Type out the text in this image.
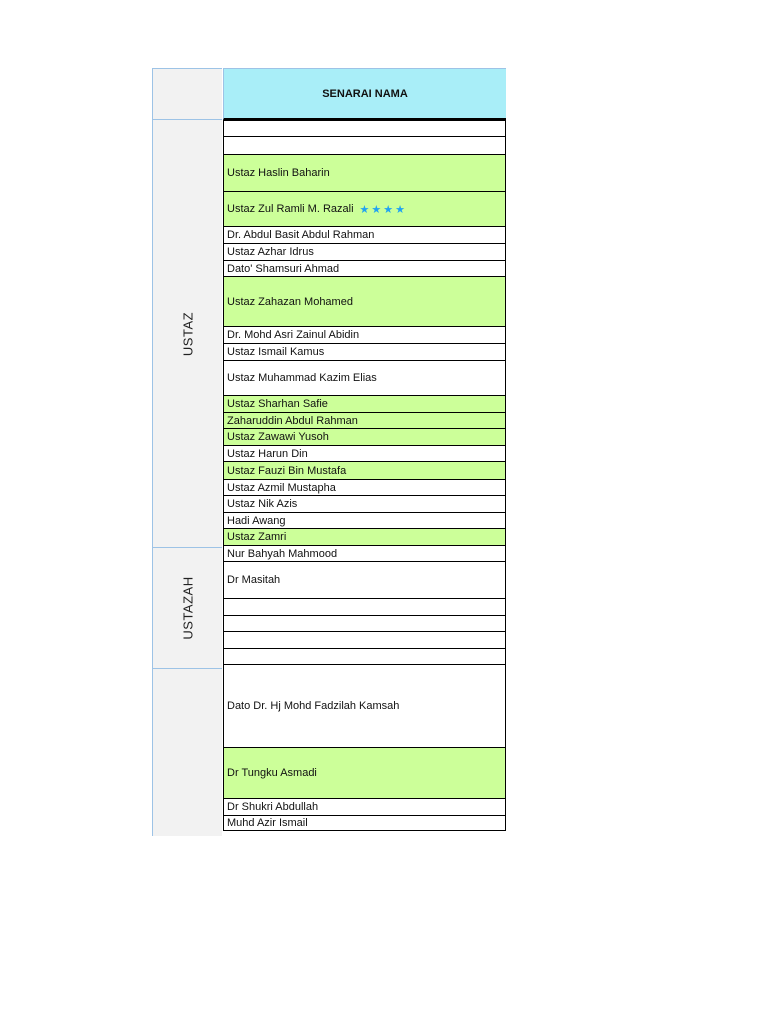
USTAZ
USTAZAH
SENARAI NAMA
Ustaz Haslin Baharin
Ustaz Zul Ramli M. Razali ★★★★
Dr. Abdul Basit Abdul Rahman
Ustaz Azhar Idrus
Dato' Shamsuri Ahmad
Ustaz Zahazan Mohamed
Dr. Mohd Asri Zainul Abidin
Ustaz Ismail Kamus
Ustaz Muhammad Kazim Elias
Ustaz Sharhan Safie
Zaharuddin Abdul Rahman
Ustaz Zawawi Yusoh
Ustaz Harun Din
Ustaz Fauzi Bin Mustafa
Ustaz Azmil Mustapha
Ustaz Nik Azis
Hadi Awang
Ustaz Zamri
Nur Bahyah Mahmood
Dr Masitah
Dato Dr. Hj Mohd Fadzilah Kamsah
Dr Tungku Asmadi
Dr Shukri Abdullah
Muhd Azir Ismail
